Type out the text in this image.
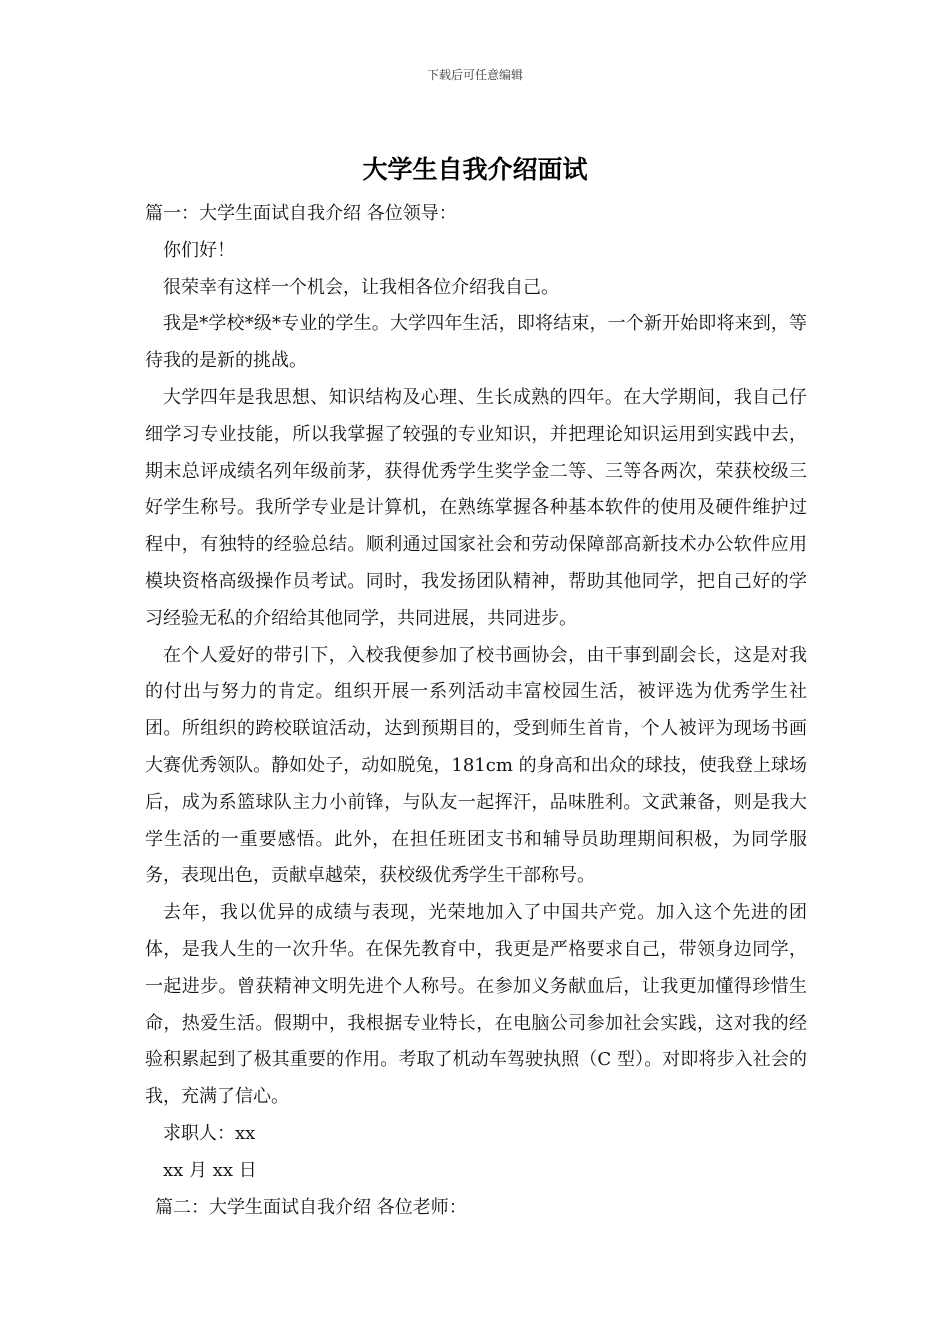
下载后可任意编辑
大学生自我介绍面试

篇一：大学生面试自我介绍 各位领导：

你们好！

很荣幸有这样一个机会，让我相各位介绍我自己。

我是*学校*级*专业的学生。大学四年生活，即将结束，一个新开始即将来到，等待我的是新的挑战。

大学四年是我思想、知识结构及心理、生长成熟的四年。在大学期间，我自己仔细学习专业技能，所以我掌握了较强的专业知识，并把理论知识运用到实践中去，期末总评成绩名列年级前茅，获得优秀学生奖学金二等、三等各两次，荣获校级三好学生称号。我所学专业是计算机，在熟练掌握各种基本软件的使用及硬件维护过程中，有独特的经验总结。顺利通过国家社会和劳动保障部高新技术办公软件应用模块资格高级操作员考试。同时，我发扬团队精神，帮助其他同学，把自己好的学习经验无私的介绍给其他同学，共同进展，共同进步。

在个人爱好的带引下，入校我便参加了校书画协会，由干事到副会长，这是对我的付出与努力的肯定。组织开展一系列活动丰富校园生活，被评选为优秀学生社团。所组织的跨校联谊活动，达到预期目的，受到师生首肯，个人被评为现场书画大赛优秀领队。静如处子，动如脱兔，181cm 的身高和出众的球技，使我登上球场后，成为系篮球队主力小前锋，与队友一起挥汗，品味胜利。文武兼备，则是我大学生活的一重要感悟。此外，在担任班团支书和辅导员助理期间积极，为同学服务，表现出色，贡献卓越荣，获校级优秀学生干部称号。

去年，我以优异的成绩与表现，光荣地加入了中国共产党。加入这个先进的团体，是我人生的一次升华。在保先教育中，我更是严格要求自己，带领身边同学，一起进步。曾获精神文明先进个人称号。在参加义务献血后，让我更加懂得珍惜生命，热爱生活。假期中，我根据专业特长，在电脑公司参加社会实践，这对我的经验积累起到了极其重要的作用。考取了机动车驾驶执照（C 型）。对即将步入社会的我，充满了信心。

求职人：xx

xx 月 xx 日

篇二：大学生面试自我介绍 各位老师：
